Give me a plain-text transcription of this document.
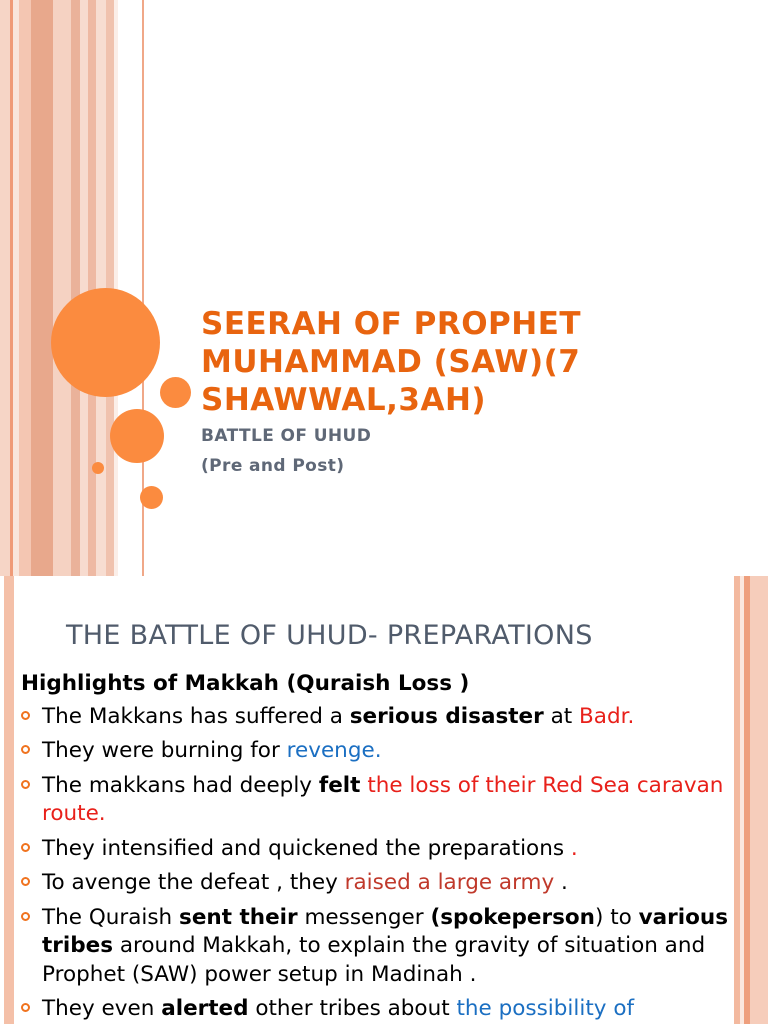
SEERAH OF PROPHET
MUHAMMAD (SAW)(7
SHAWWAL,3AH)
BATTLE OF UHUD
(Pre and Post)
THE BATTLE OF UHUD- PREPARATIONS
Highlights of Makkah (Quraish Loss )
The Makkans has suffered a serious disaster at Badr.
They were burning for revenge.
The makkans had deeply felt the loss of their Red Sea caravan route.
They intensified and quickened the preparations .
To avenge the defeat , they raised a large army .
The Quraish sent their messenger (spokeperson) to various tribes around Makkah, to explain the gravity of situation and Prophet (SAW) power setup in Madinah .
They even alerted other tribes about the possibility of
